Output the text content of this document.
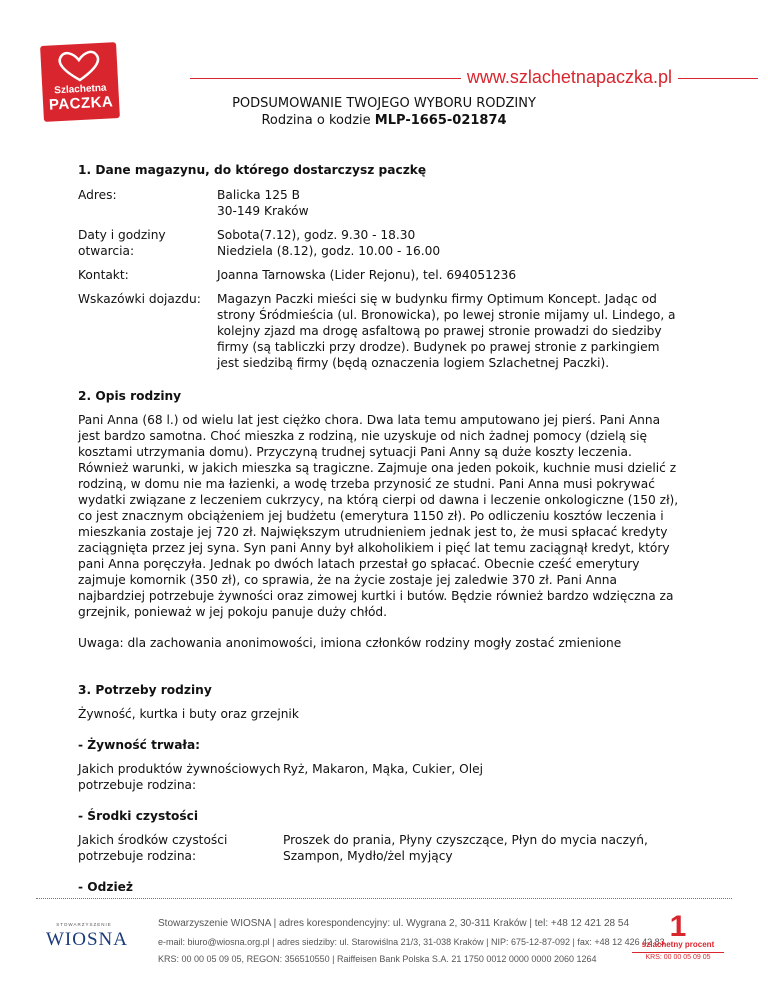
Szlachetna
PACZKA
www.szlachetnapaczka.pl
PODSUMOWANIE TWOJEGO WYBORU RODZINY
Rodzina o kodzie MLP-1665-021874
1. Dane magazynu, do którego dostarczysz paczkę
Adres:	Balicka 125 B
30-149 Kraków
Daty i godziny otwarcia:
Sobota(7.12), godz. 9.30 - 18.30
Niedziela (8.12), godz. 10.00 - 16.00
Kontakt:	Joanna Tarnowska (Lider Rejonu), tel. 694051236
Wskazówki dojazdu:	Magazyn Paczki mieści się w budynku firmy Optimum Koncept. Jadąc od strony Śródmieścia (ul. Bronowicka), po lewej stronie mijamy ul. Lindego, a kolejny zjazd ma drogę asfaltową po prawej stronie prowadzi do siedziby firmy (są tabliczki przy drodze). Budynek po prawej stronie z parkingiem jest siedzibą firmy (będą oznaczenia logiem Szlachetnej Paczki).
2. Opis rodziny

Pani Anna (68 l.) od wielu lat jest ciężko chora. Dwa lata temu amputowano jej pierś. Pani Anna jest bardzo samotna. Choć mieszka z rodziną, nie uzyskuje od nich żadnej pomocy (dzielą się kosztami utrzymania domu). Przyczyną trudnej sytuacji Pani Anny są duże koszty leczenia. Również warunki, w jakich mieszka są tragiczne. Zajmuje ona jeden pokoik, kuchnie musi dzielić z rodziną, w domu nie ma łazienki, a wodę trzeba przynosić ze studni. Pani Anna musi pokrywać wydatki związane z leczeniem cukrzycy, na którą cierpi od dawna i leczenie onkologiczne (150 zł), co jest znacznym obciążeniem jej budżetu (emerytura 1150 zł). Po odliczeniu kosztów leczenia i mieszkania zostaje jej 720 zł. Największym utrudnieniem jednak jest to, że musi spłacać kredyty zaciągnięta przez jej syna. Syn pani Anny był alkoholikiem i pięć lat temu zaciągnął kredyt, który pani Anna poręczyła. Jednak po dwóch latach przestał go spłacać. Obecnie cześć emerytury zajmuje komornik (350 zł), co sprawia, że na życie zostaje jej zaledwie 370 zł. Pani Anna najbardziej potrzebuje żywności oraz zimowej kurtki i butów. Będzie również bardzo wdzięczna za grzejnik, ponieważ w jej pokoju panuje duży chłód.

Uwaga: dla zachowania anonimowości, imiona członków rodziny mogły zostać zmienione

3. Potrzeby rodziny

Żywność, kurtka i buty oraz grzejnik

- Żywność trwała:
Jakich produktów żywnościowych potrzebuje rodzina:
Ryż, Makaron, Mąka, Cukier, Olej
- Środki czystości
Jakich środków czystości potrzebuje rodzina:
Proszek do prania, Płyny czyszczące, Płyn do mycia naczyń, Szampon, Mydło/żel myjący
- Odzież
STOWARZYSZENIE
WIOSNA
Stowarzyszenie WIOSNA | adres korespondencyjny: ul. Wygrana 2, 30-311 Kraków | tel: +48 12 421 28 54
e-mail: biuro@wiosna.org.pl | adres siedziby: ul. Starowiślna 21/3, 31-038 Kraków | NIP: 675-12-87-092 | fax: +48 12 426 42 83
KRS: 00 00 05 09 05, REGON: 356510550 | Raiffeisen Bank Polska S.A. 21 1750 0012 0000 0000 2060 1264
1
szlachetny procent
KRS: 00 00 05 09 05
